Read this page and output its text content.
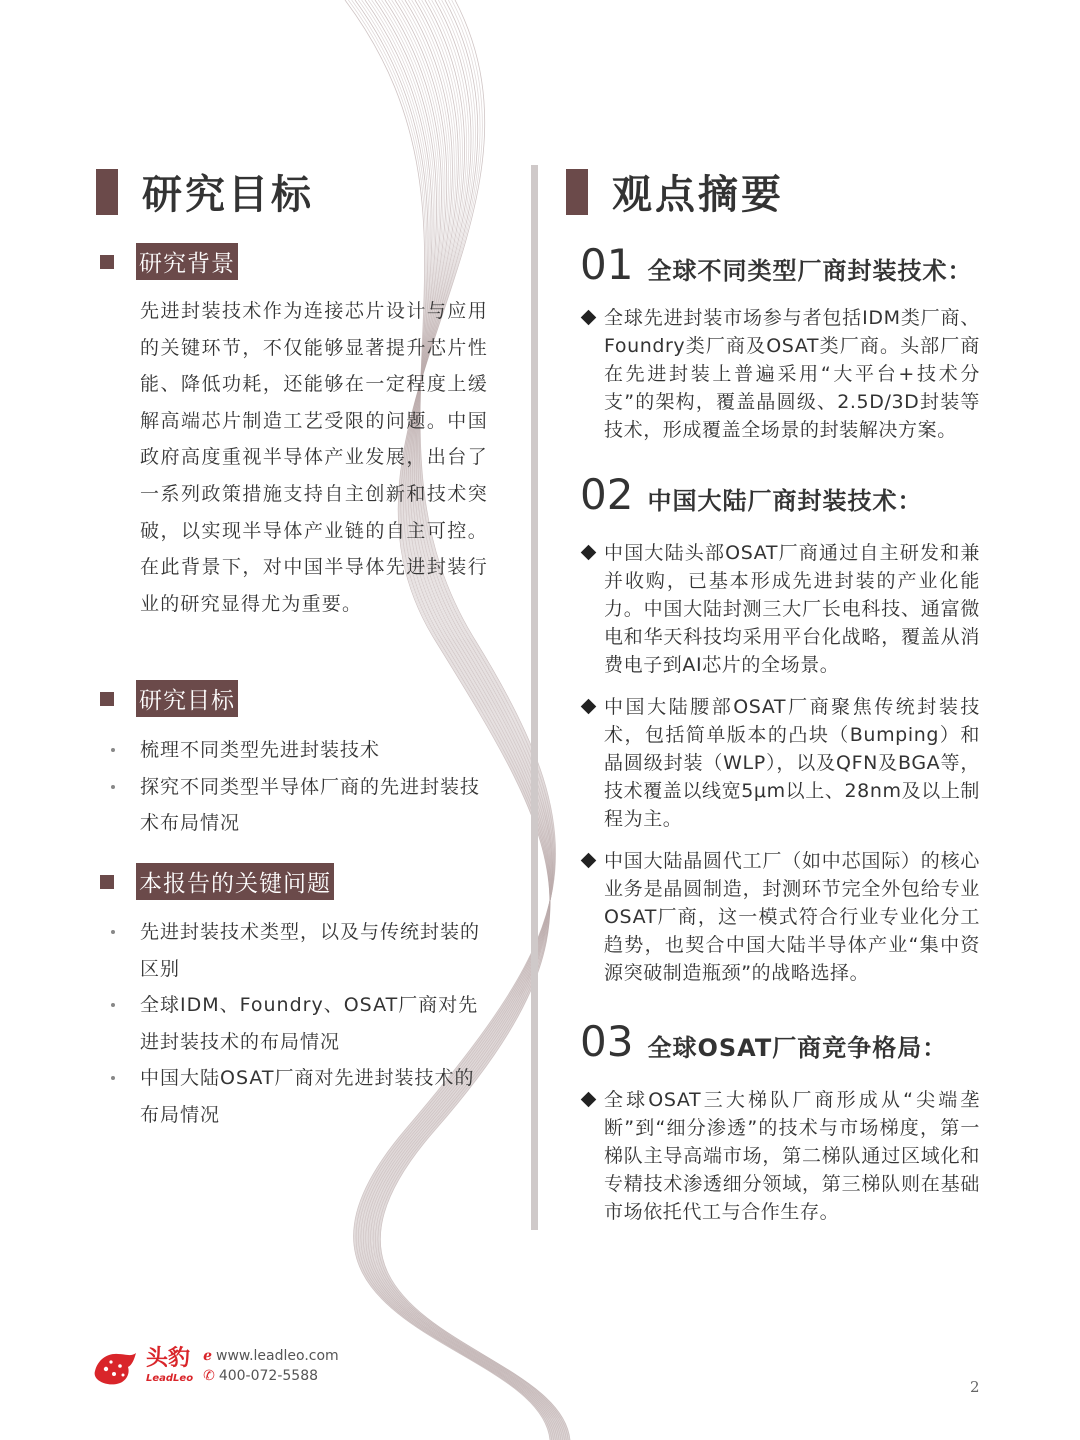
研究目标
研究背景

先进封装技术作为连接芯片设计与应用的关键环节，不仅能够显著提升芯片性能、降低功耗，还能够在一定程度上缓解高端芯片制造工艺受限的问题。中国政府高度重视半导体产业发展，出台了一系列政策措施支持自主创新和技术突破，以实现半导体产业链的自主可控。在此背景下，对中国半导体先进封装行业的研究显得尤为重要。

研究目标
梳理不同类型先进封装技术
探究不同类型半导体厂商的先进封装技术布局情况
本报告的关键问题
先进封装技术类型，以及与传统封装的区别
全球IDM、Foundry、OSAT厂商对先进封装技术的布局情况
中国大陆OSAT厂商对先进封装技术的布局情况
观点摘要
01 全球不同类型厂商封装技术：

全球先进封装市场参与者包括IDM类厂商、Foundry类厂商及OSAT类厂商。头部厂商在先进封装上普遍采用“大平台+技术分支”的架构，覆盖晶圆级、2.5D/3D封装等技术，形成覆盖全场景的封装解决方案。

02 中国大陆厂商封装技术：

中国大陆头部OSAT厂商通过自主研发和兼并收购，已基本形成先进封装的产业化能力。中国大陆封测三大厂长电科技、通富微电和华天科技均采用平台化战略，覆盖从消费电子到AI芯片的全场景。

中国大陆腰部OSAT厂商聚焦传统封装技术，包括简单版本的凸块（Bumping）和晶圆级封装（WLP），以及QFN及BGA等，技术覆盖以线宽5μm以上、28nm及以上制程为主。

中国大陆晶圆代工厂（如中芯国际）的核心业务是晶圆制造，封测环节完全外包给专业OSAT厂商，这一模式符合行业专业化分工趋势，也契合中国大陆半导体产业“集中资源突破制造瓶颈”的战略选择。

03 全球OSAT厂商竞争格局：

全球OSAT三大梯队厂商形成从“尖端垄断”到“细分渗透”的技术与市场梯度，第一梯队主导高端市场，第二梯队通过区域化和专精技术渗透细分领域，第三梯队则在基础市场依托代工与合作生存。

头豹
LeadLeo
ℯ www.leadleo.com
✆ 400-072-5588
2
